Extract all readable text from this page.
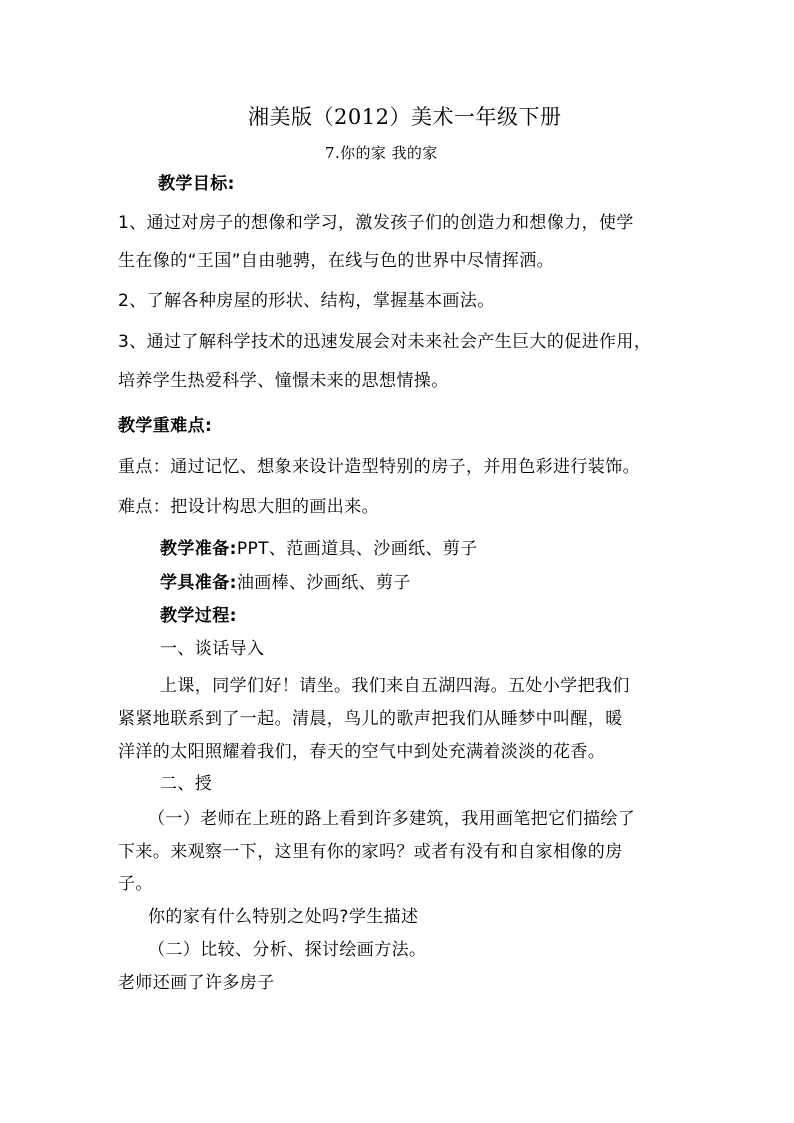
湘美版（2012）美术一年级下册

7.你的家 我的家

教学目标:

1、通过对房子的想像和学习，激发孩子们的创造力和想像力，使学

生在像的“王国”自由驰骋，在线与色的世界中尽情挥洒。

2、了解各种房屋的形状、结构，掌握基本画法。

3、通过了解科学技术的迅速发展会对未来社会产生巨大的促进作用，

培养学生热爱科学、憧憬未来的思想情操。

教学重难点:

重点：通过记忆、想象来设计造型特别的房子，并用色彩进行装饰。

难点：把设计构思大胆的画出来。

教学准备:PPT、范画道具、沙画纸、剪子

学具准备:油画棒、沙画纸、剪子

教学过程:

一、谈话导入

上课，同学们好！请坐。我们来自五湖四海。五处小学把我们

紧紧地联系到了一起。清晨，鸟儿的歌声把我们从睡梦中叫醒，暖

洋洋的太阳照耀着我们，春天的空气中到处充满着淡淡的花香。

二、授

（一）老师在上班的路上看到许多建筑，我用画笔把它们描绘了

下来。来观察一下，这里有你的家吗？或者有没有和自家相像的房

子。

你的家有什么特别之处吗?学生描述

（二）比较、分析、探讨绘画方法。

老师还画了许多房子
